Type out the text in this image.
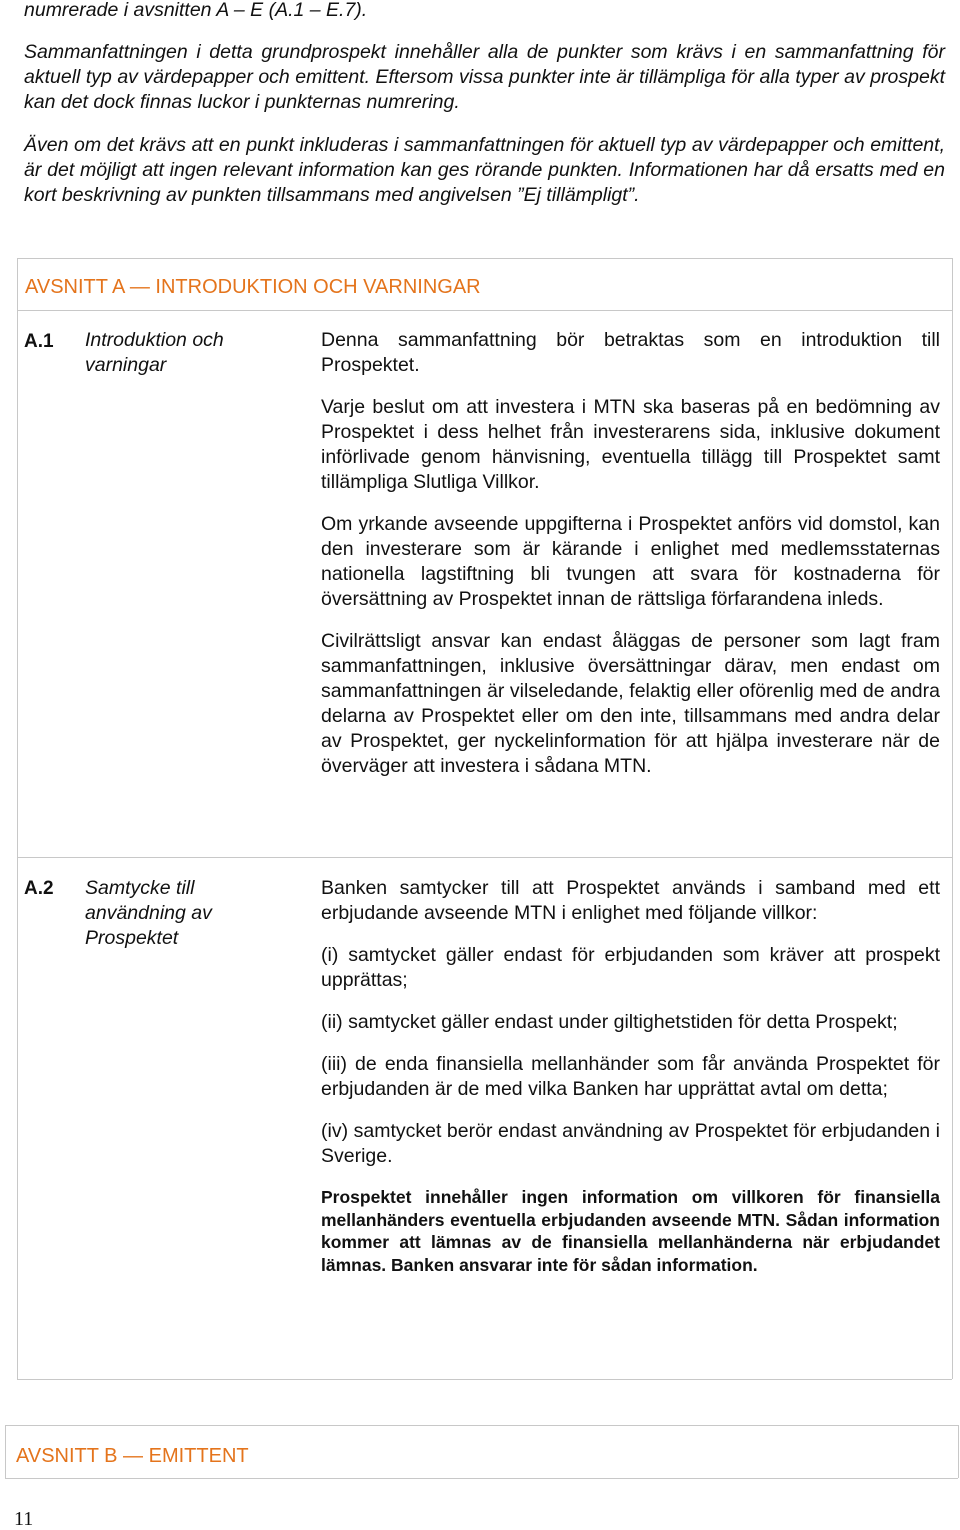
numrerade i avsnitten A – E (A.1 – E.7).

Sammanfattningen i detta grundprospekt innehåller alla de punkter som krävs i en sammanfattning för aktuell typ av värdepapper och emittent. Eftersom vissa punkter inte är tillämpliga för alla typer av prospekt kan det dock finnas luckor i punkternas numrering.

Även om det krävs att en punkt inkluderas i sammanfattningen för aktuell typ av värdepapper och emittent, är det möjligt att ingen relevant information kan ges rörande punkten. Informationen har då ersatts med en kort beskrivning av punkten tillsammans med angivelsen ”Ej tillämpligt”.

AVSNITT A — INTRODUKTION OCH VARNINGAR
A.1 Introduktion och varningar

Denna sammanfattning bör betraktas som en introduktion till Prospektet.

Varje beslut om att investera i MTN ska baseras på en bedömning av Prospektet i dess helhet från investerarens sida, inklusive dokument införlivade genom hänvisning, eventuella tillägg till Prospektet samt tillämpliga Slutliga Villkor.

Om yrkande avseende uppgifterna i Prospektet anförs vid domstol, kan den investerare som är kärande i enlighet med medlemsstaternas nationella lagstiftning bli tvungen att svara för kostnaderna för översättning av Prospektet innan de rättsliga förfarandena inleds.

Civilrättsligt ansvar kan endast åläggas de personer som lagt fram sammanfattningen, inklusive översättningar därav, men endast om sammanfattningen är vilseledande, felaktig eller oförenlig med de andra delarna av Prospektet eller om den inte, tillsammans med andra delar av Prospektet, ger nyckelinformation för att hjälpa investerare när de överväger att investera i sådana MTN.

A.2 Samtycke till användning av Prospektet

Banken samtycker till att Prospektet används i samband med ett erbjudande avseende MTN i enlighet med följande villkor:

(i) samtycket gäller endast för erbjudanden som kräver att prospekt upprättas;

(ii) samtycket gäller endast under giltighetstiden för detta Prospekt;

(iii) de enda finansiella mellanhänder som får använda Prospektet för erbjudanden är de med vilka Banken har upprättat avtal om detta;

(iv) samtycket berör endast användning av Prospektet för erbjudanden i Sverige.

Prospektet innehåller ingen information om villkoren för finansiella mellanhänders eventuella erbjudanden avseende MTN. Sådan information kommer att lämnas av de finansiella mellanhänderna när erbjudandet lämnas. Banken ansvarar inte för sådan information.

AVSNITT B — EMITTENT
11
